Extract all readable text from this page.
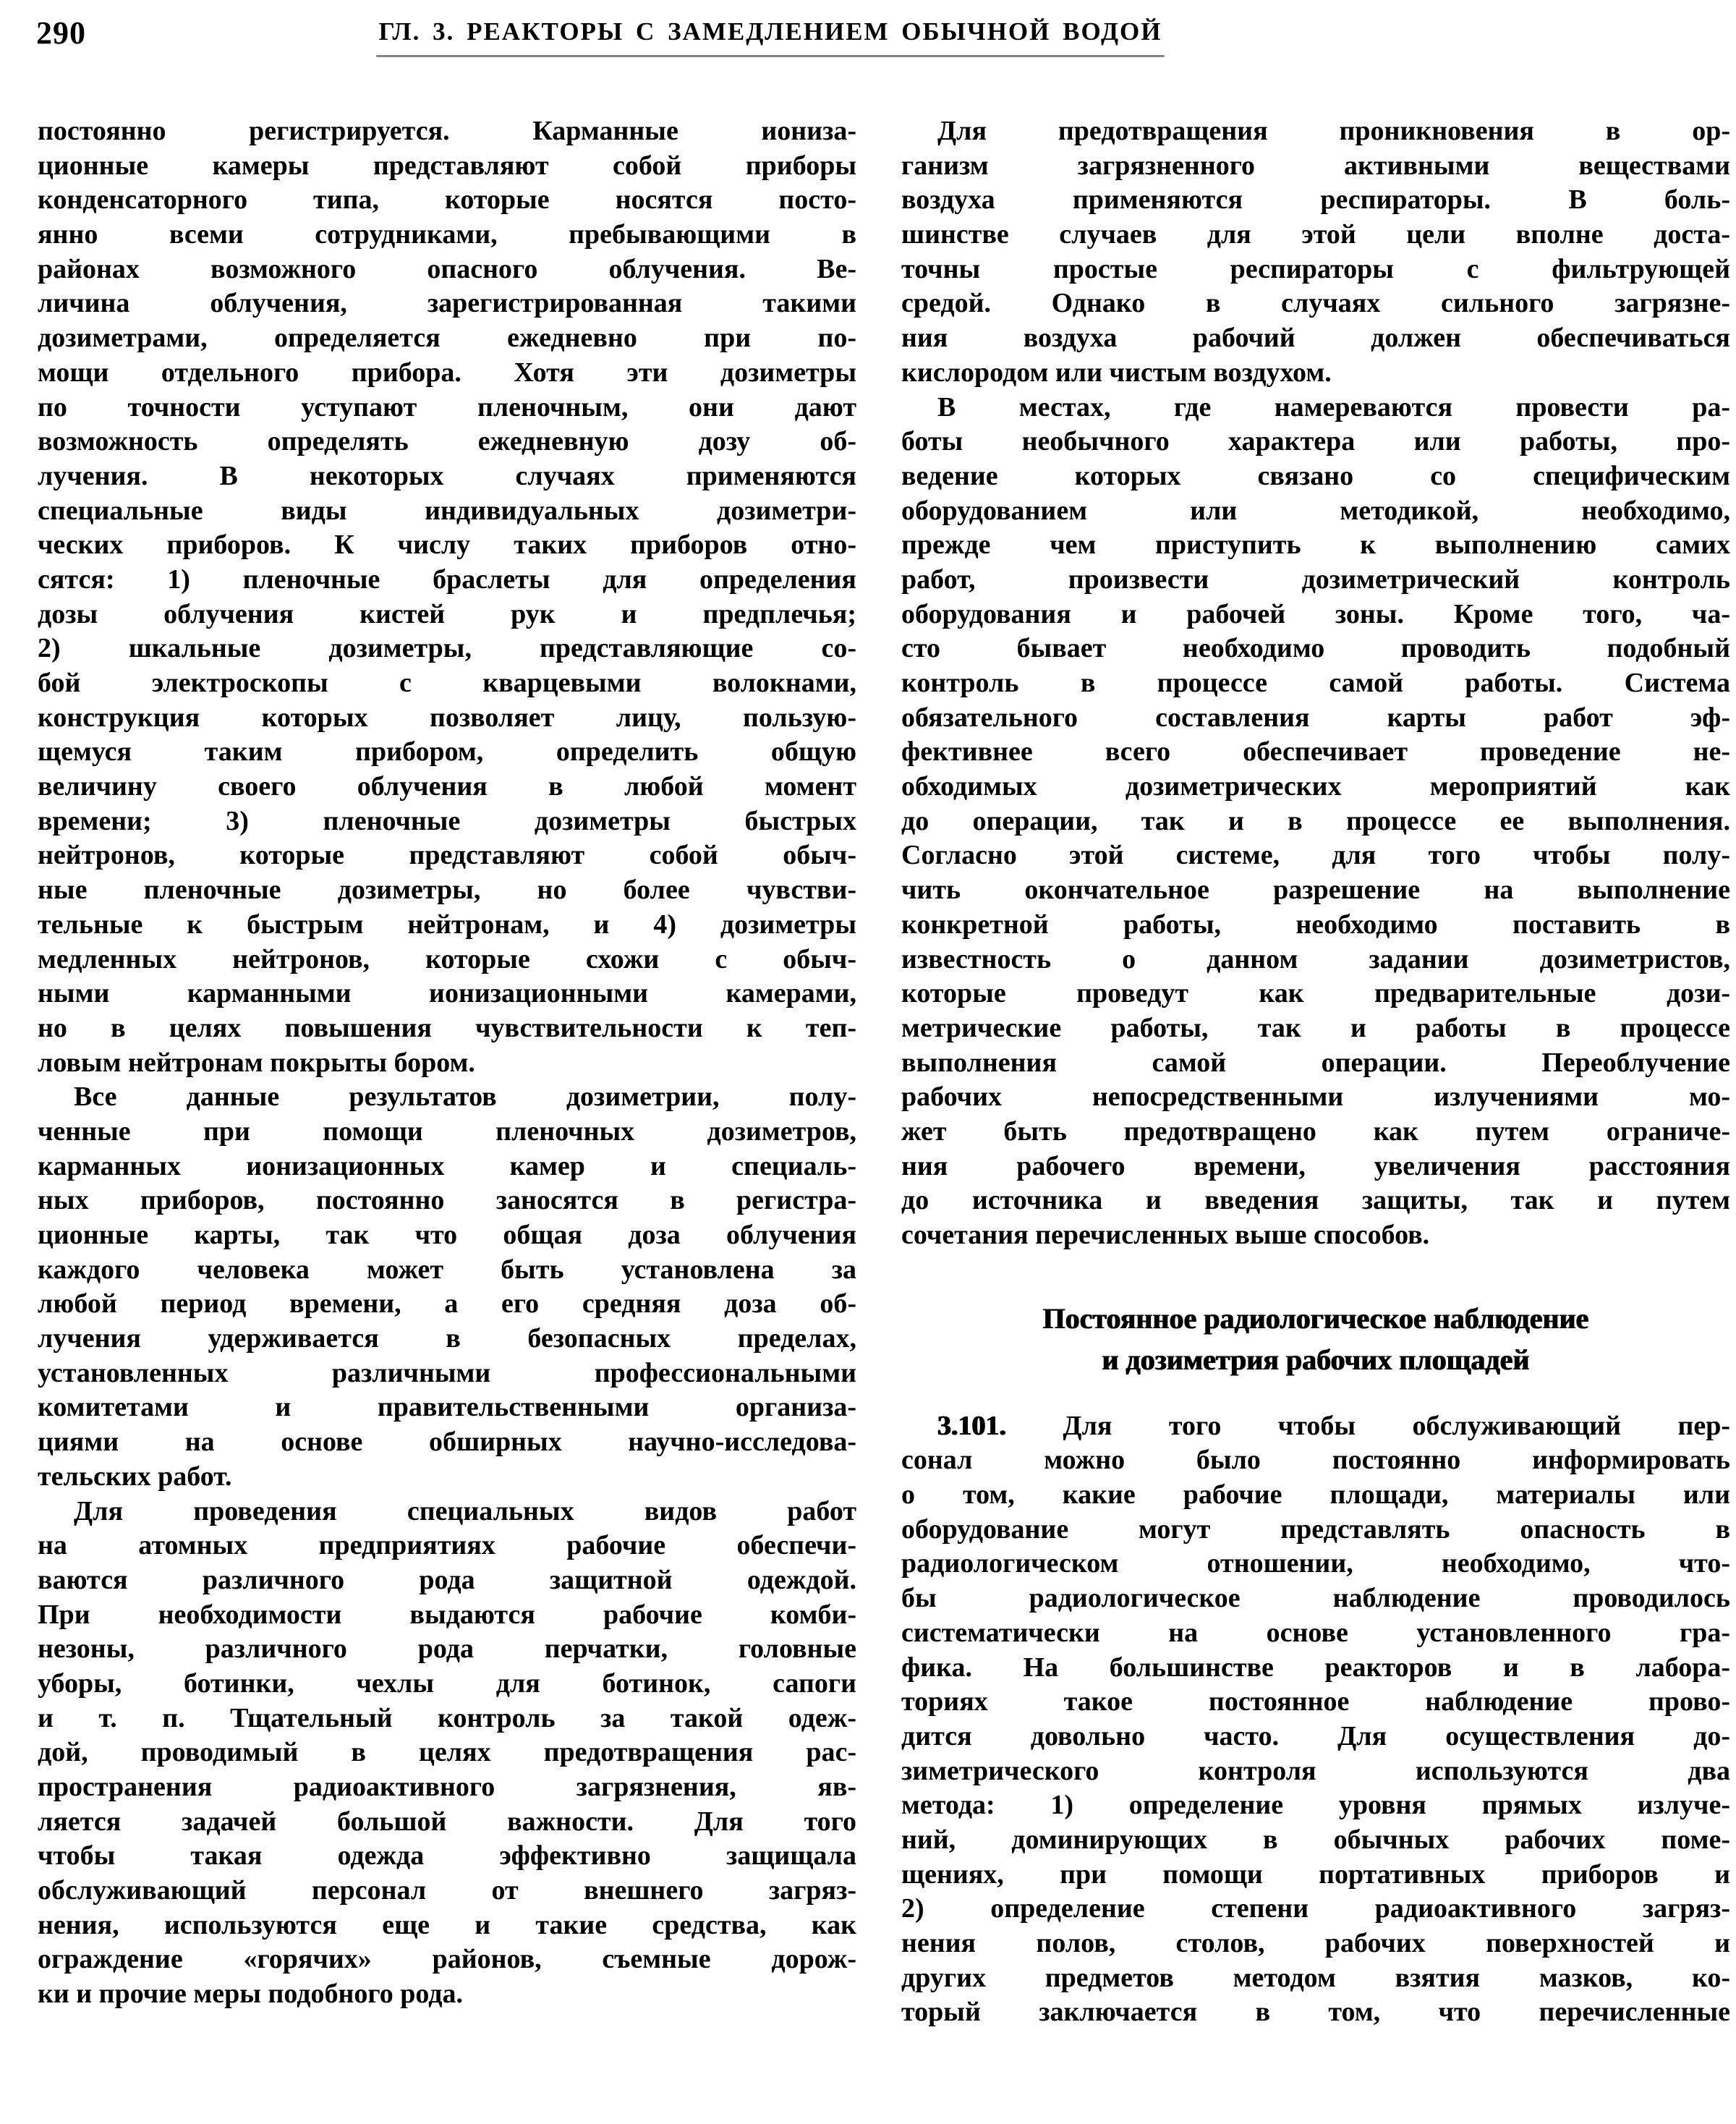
290	ГЛ. 3. РЕАКТОРЫ С ЗАМЕДЛЕНИЕМ ОБЫЧНОЙ ВОДОЙ
постоянно регистрируется. Карманные иониза-
ционные камеры представляют собой приборы
конденсаторного типа, которые носятся посто-
янно всеми сотрудниками, пребывающими в
районах возможного опасного облучения. Ве-
личина облучения, зарегистрированная такими
дозиметрами, определяется ежедневно при по-
мощи отдельного прибора. Хотя эти дозиметры
по точности уступают пленочным, они дают
возможность определять ежедневную дозу об-
лучения. В некоторых случаях применяются
специальные виды индивидуальных дозиметри-
ческих приборов. К числу таких приборов отно-
сятся: 1) пленочные браслеты для определения
дозы облучения кистей рук и предплечья;
2) шкальные дозиметры, представляющие со-
бой электроскопы с кварцевыми волокнами,
конструкция которых позволяет лицу, пользую-
щемуся таким прибором, определить общую
величину своего облучения в любой момент
времени; 3) пленочные дозиметры быстрых
нейтронов, которые представляют собой обыч-
ные пленочные дозиметры, но более чувстви-
тельные к быстрым нейтронам, и 4) дозиметры
медленных нейтронов, которые схожи с обыч-
ными карманными ионизационными камерами,
но в целях повышения чувствительности к теп-
ловым нейтронам покрыты бором.
Все данные результатов дозиметрии, полу-
ченные при помощи пленочных дозиметров,
карманных ионизационных камер и специаль-
ных приборов, постоянно заносятся в регистра-
ционные карты, так что общая доза облучения
каждого человека может быть установлена за
любой период времени, а его средняя доза об-
лучения удерживается в безопасных пределах,
установленных различными профессиональными
комитетами и правительственными организа-
циями на основе обширных научно-исследова-
тельских работ.
Для проведения специальных видов работ
на атомных предприятиях рабочие обеспечи-
ваются различного рода защитной одеждой.
При необходимости выдаются рабочие комби-
незоны, различного рода перчатки, головные
уборы, ботинки, чехлы для ботинок, сапоги
и т. п. Тщательный контроль за такой одеж-
дой, проводимый в целях предотвращения рас-
пространения радиоактивного загрязнения, яв-
ляется задачей большой важности. Для того
чтобы такая одежда эффективно защищала
обслуживающий персонал от внешнего загряз-
нения, используются еще и такие средства, как
ограждение «горячих» районов, съемные дорож-
ки и прочие меры подобного рода.
Для предотвращения проникновения в ор-
ганизм загрязненного активными веществами
воздуха применяются респираторы. В боль-
шинстве случаев для этой цели вполне доста-
точны простые респираторы с фильтрующей
средой. Однако в случаях сильного загрязне-
ния воздуха рабочий должен обеспечиваться
кислородом или чистым воздухом.
В местах, где намереваются провести ра-
боты необычного характера или работы, про-
ведение которых связано со специфическим
оборудованием или методикой, необходимо,
прежде чем приступить к выполнению самих
работ, произвести дозиметрический контроль
оборудования и рабочей зоны. Кроме того, ча-
сто бывает необходимо проводить подобный
контроль в процессе самой работы. Система
обязательного составления карты работ эф-
фективнее всего обеспечивает проведение не-
обходимых дозиметрических мероприятий как
до операции, так и в процессе ее выполнения.
Согласно этой системе, для того чтобы полу-
чить окончательное разрешение на выполнение
конкретной работы, необходимо поставить в
известность о данном задании дозиметристов,
которые проведут как предварительные дози-
метрические работы, так и работы в процессе
выполнения самой операции. Переоблучение
рабочих непосредственными излучениями мо-
жет быть предотвращено как путем ограниче-
ния рабочего времени, увеличения расстояния
до источника и введения защиты, так и путем
сочетания перечисленных выше способов.
Постоянное радиологическое наблюдение
и дозиметрия рабочих площадей
3.101. Для того чтобы обслуживающий пер-
сонал можно было постоянно информировать
о том, какие рабочие площади, материалы или
оборудование могут представлять опасность в
радиологическом отношении, необходимо, что-
бы радиологическое наблюдение проводилось
систематически на основе установленного гра-
фика. На большинстве реакторов и в лабора-
ториях такое постоянное наблюдение прово-
дится довольно часто. Для осуществления до-
зиметрического контроля используются два
метода: 1) определение уровня прямых излуче-
ний, доминирующих в обычных рабочих поме-
щениях, при помощи портативных приборов и
2) определение степени радиоактивного загряз-
нения полов, столов, рабочих поверхностей и
других предметов методом взятия мазков, ко-
торый заключается в том, что перечисленные
